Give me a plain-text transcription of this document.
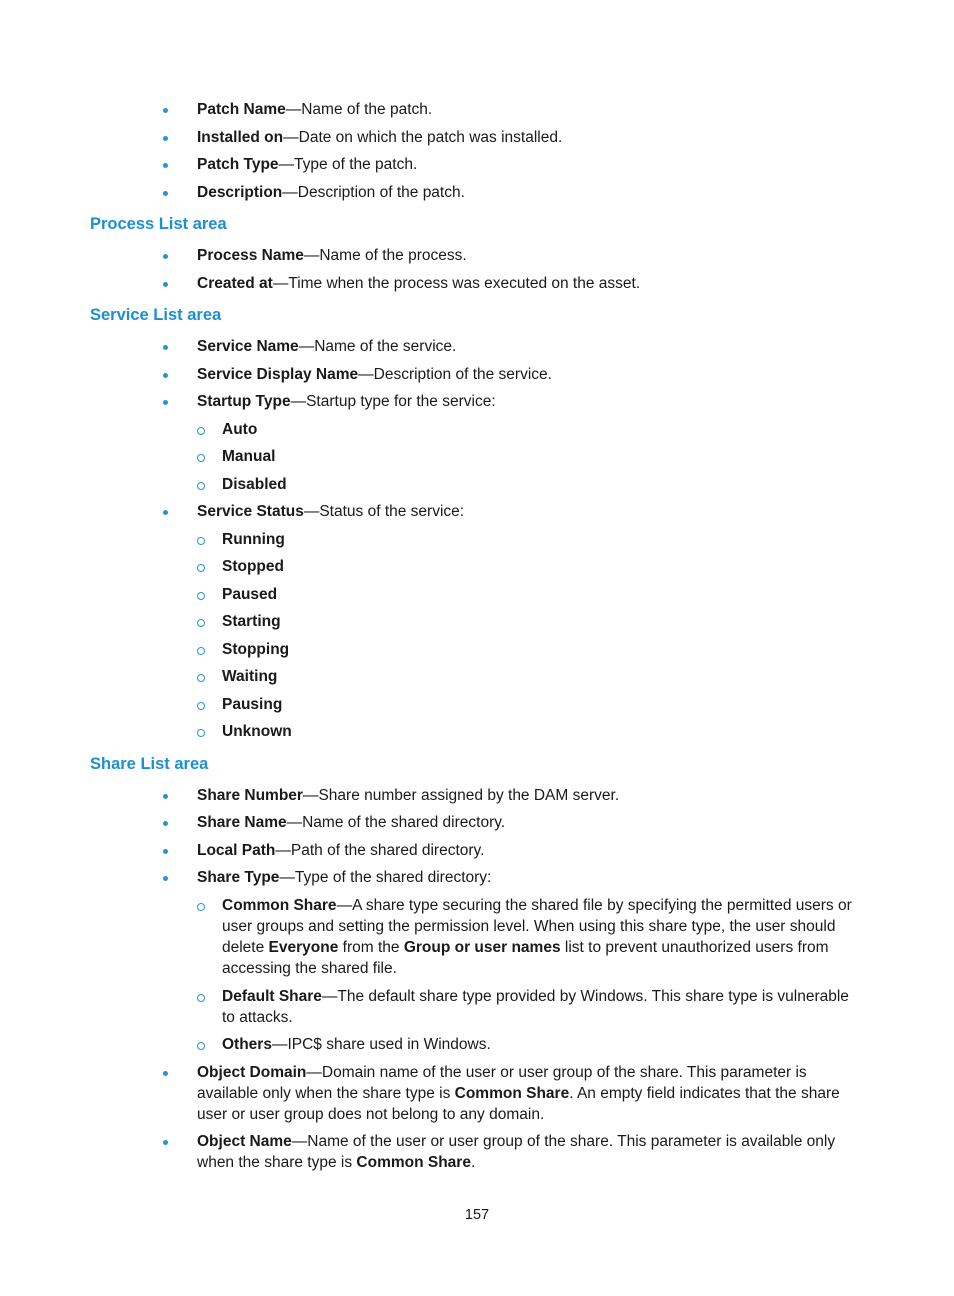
Patch Name—Name of the patch.
Installed on—Date on which the patch was installed.
Patch Type—Type of the patch.
Description—Description of the patch.
Process List area
Process Name—Name of the process.
Created at—Time when the process was executed on the asset.
Service List area
Service Name—Name of the service.
Service Display Name—Description of the service.
Startup Type—Startup type for the service:
Auto
Manual
Disabled
Service Status—Status of the service:
Running
Stopped
Paused
Starting
Stopping
Waiting
Pausing
Unknown
Share List area
Share Number—Share number assigned by the DAM server.
Share Name—Name of the shared directory.
Local Path—Path of the shared directory.
Share Type—Type of the shared directory:
Common Share—A share type securing the shared file by specifying the permitted users or user groups and setting the permission level. When using this share type, the user should delete Everyone from the Group or user names list to prevent unauthorized users from accessing the shared file.
Default Share—The default share type provided by Windows. This share type is vulnerable to attacks.
Others—IPC$ share used in Windows.
Object Domain—Domain name of the user or user group of the share. This parameter is available only when the share type is Common Share. An empty field indicates that the share user or user group does not belong to any domain.
Object Name—Name of the user or user group of the share. This parameter is available only when the share type is Common Share.
157
